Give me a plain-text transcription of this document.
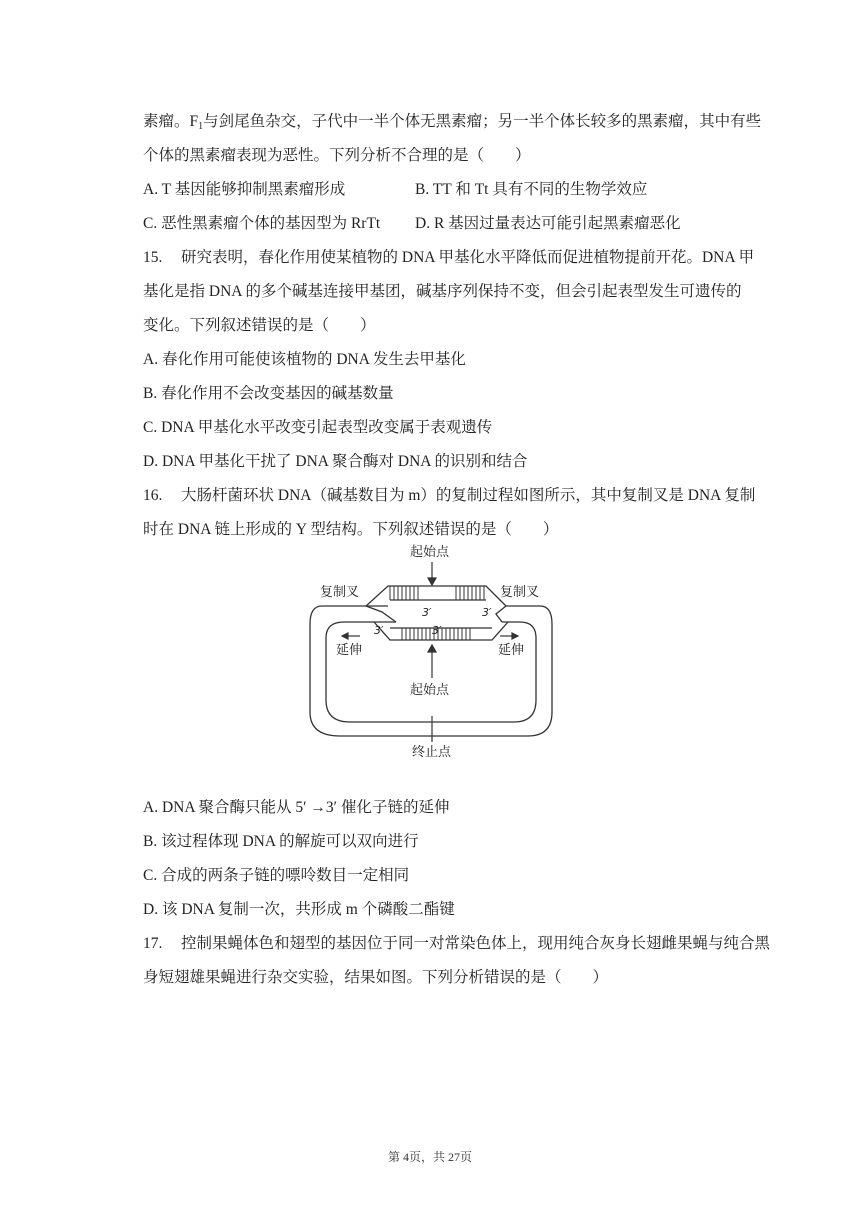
素瘤。$F_1$与剑尾鱼杂交，子代中一半个体无黑素瘤；另一半个体长较多的黑素瘤，其中有些
个体的黑素瘤表现为恶性。下列分析不合理的是（　　）
A. T 基因能够抑制黑素瘤形成	B. TT 和 Tt 具有不同的生物学效应
C. 恶性黑素瘤个体的基因型为 RrTt D. R 基因过量表达可能引起黑素瘤恶化
15. 研究表明，春化作用使某植物的 DNA 甲基化水平降低而促进植物提前开花。DNA 甲
基化是指 DNA 的多个碱基连接甲基团，碱基序列保持不变，但会引起表型发生可遗传的
变化。下列叙述错误的是（　　）
A. 春化作用可能使该植物的 DNA 发生去甲基化
B. 春化作用不会改变基因的碱基数量
C. DNA 甲基化水平改变引起表型改变属于表观遗传
D. DNA 甲基化干扰了 DNA 聚合酶对 DNA 的识别和结合
16. 大肠杆菌环状 DNA（碱基数目为 m）的复制过程如图所示，其中复制叉是 DNA 复制
时在 DNA 链上形成的 Y 型结构。下列叙述错误的是（　　）
起始点
复制叉	复制叉
延伸	延伸
起始点
终止点
3′	3′
3′	3′
A. DNA 聚合酶只能从 5′ →3′ 催化子链的延伸
B. 该过程体现 DNA 的解旋可以双向进行
C. 合成的两条子链的嘌呤数目一定相同
D. 该 DNA 复制一次，共形成 m 个磷酸二酯键
17. 控制果蝇体色和翅型的基因位于同一对常染色体上，现用纯合灰身长翅雌果蝇与纯合黑
身短翅雄果蝇进行杂交实验，结果如图。下列分析错误的是（　　）
第 4页，共 27页
